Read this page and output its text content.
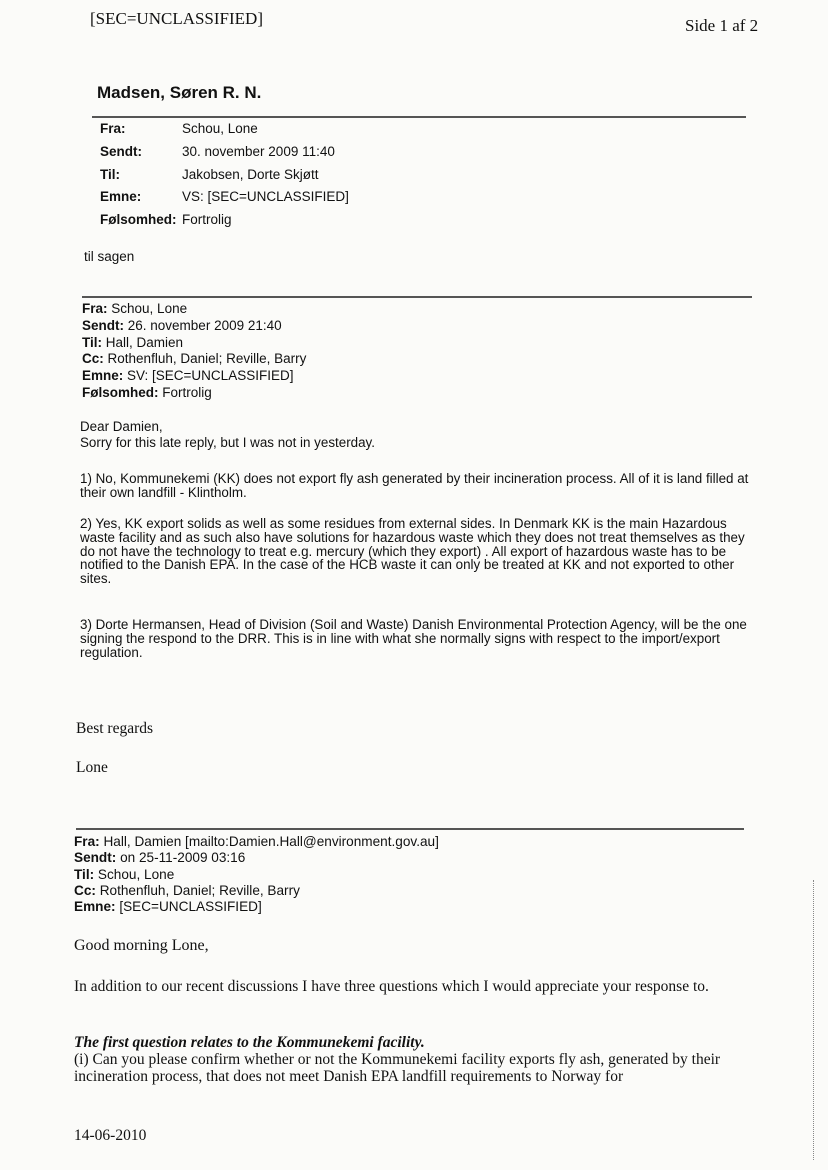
[SEC=UNCLASSIFIED]	Side 1 af 2
Madsen, Søren R. N.
Fra:	Schou, Lone
Sendt:	30. november 2009 11:40
Til:	Jakobsen, Dorte Skjøtt
Emne:	VS: [SEC=UNCLASSIFIED]
Følsomhed: Fortrolig
til sagen
Fra: Schou, Lone
Sendt: 26. november 2009 21:40
Til: Hall, Damien
Cc: Rothenfluh, Daniel; Reville, Barry
Emne: SV: [SEC=UNCLASSIFIED]
Følsomhed: Fortrolig
Dear Damien,
Sorry for this late reply, but I was not in yesterday.
1) No, Kommunekemi (KK) does not export fly ash generated by their incineration process. All of it is land filled at their own landfill - Klintholm.
2) Yes, KK export solids as well as some residues from external sides. In Denmark KK is the main Hazardous waste facility and as such also have solutions for hazardous waste which they does not treat themselves as they do not have the technology to treat e.g. mercury (which they export) . All export of hazardous waste has to be notified to the Danish EPA. In the case of the HCB waste it can only be treated at KK and not exported to other sites.
3) Dorte Hermansen, Head of Division (Soil and Waste) Danish Environmental Protection Agency, will be the one signing the respond to the DRR. This is in line with what she normally signs with respect to the import/export regulation.
Best regards
Lone
Fra: Hall, Damien [mailto:Damien.Hall@environment.gov.au]
Sendt: on 25-11-2009 03:16
Til: Schou, Lone
Cc: Rothenfluh, Daniel; Reville, Barry
Emne: [SEC=UNCLASSIFIED]
Good morning Lone,
In addition to our recent discussions I have three questions which I would appreciate your response to.
The first question relates to the Kommunekemi facility.
(i) Can you please confirm whether or not the Kommunekemi facility exports fly ash, generated by their incineration process, that does not meet Danish EPA landfill requirements to Norway for
14-06-2010
